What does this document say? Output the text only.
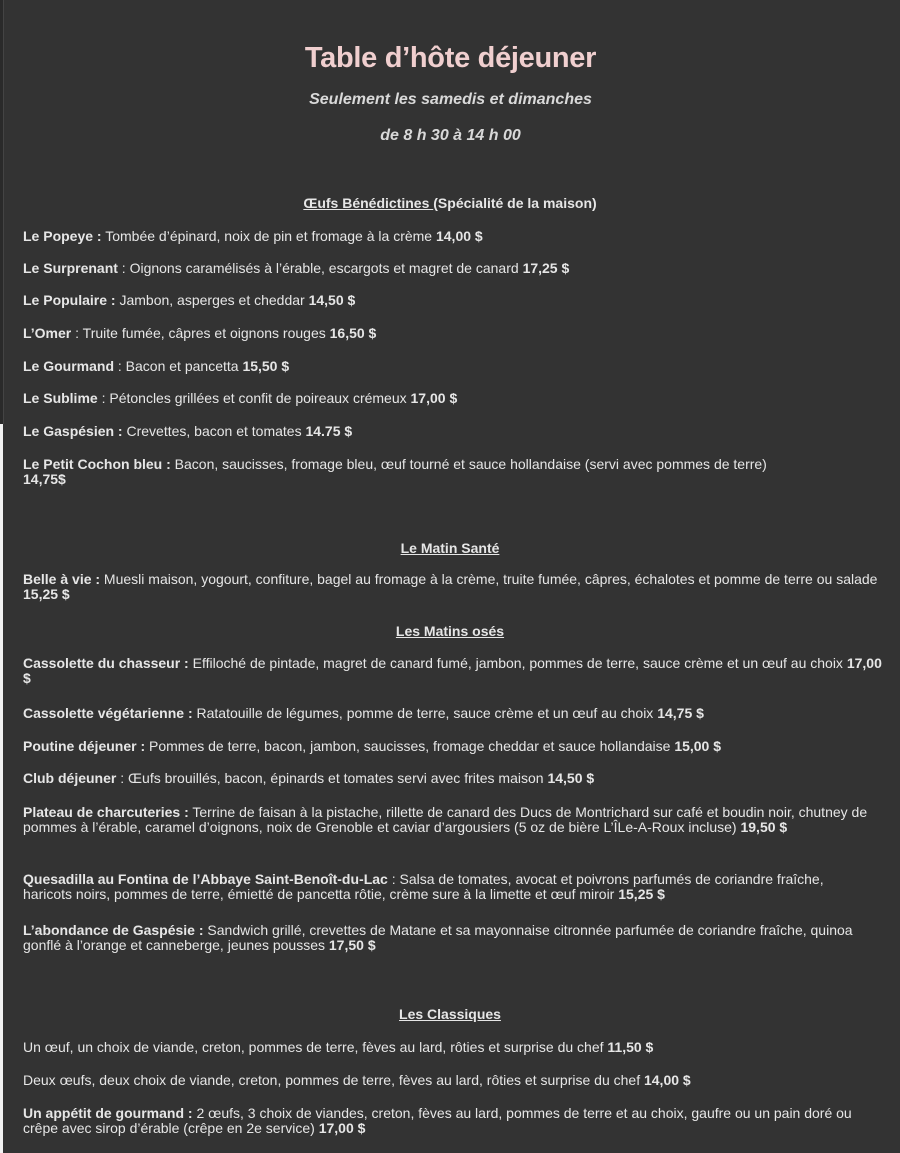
Table d’hôte déjeuner
Seulement les samedis et dimanches
de 8 h 30 à 14 h 00
Œufs Bénédictines (Spécialité de la maison)
Le Popeye : Tombée d’épinard, noix de pin et fromage à la crème 14,00 $
Le Surprenant : Oignons caramélisés à l’érable, escargots et magret de canard 17,25 $
Le Populaire : Jambon, asperges et cheddar 14,50 $
L’Omer : Truite fumée, câpres et oignons rouges 16,50 $
Le Gourmand : Bacon et pancetta 15,50 $
Le Sublime : Pétoncles grillées et confit de poireaux crémeux 17,00 $
Le Gaspésien : Crevettes, bacon et tomates 14.75 $
Le Petit Cochon bleu : Bacon, saucisses, fromage bleu, œuf tourné et sauce hollandaise (servi avec pommes de terre) 14,75$
Le Matin Santé
Belle à vie : Muesli maison, yogourt, confiture, bagel au fromage à la crème, truite fumée, câpres, échalotes et pomme de terre ou salade 15,25 $
Les Matins osés
Cassolette du chasseur : Effiloché de pintade, magret de canard fumé, jambon, pommes de terre, sauce crème et un œuf au choix 17,00 $
Cassolette végétarienne : Ratatouille de légumes, pomme de terre, sauce crème et un œuf au choix 14,75 $
Poutine déjeuner : Pommes de terre, bacon, jambon, saucisses, fromage cheddar et sauce hollandaise 15,00 $
Club déjeuner : Œufs brouillés, bacon, épinards et tomates servi avec frites maison 14,50 $
Plateau de charcuteries : Terrine de faisan à la pistache, rillette de canard des Ducs de Montrichard sur café et boudin noir, chutney de pommes à l’érable, caramel d’oignons, noix de Grenoble et caviar d’argousiers (5 oz de bière L’ÎLe-A-Roux incluse) 19,50 $
Quesadilla au Fontina de l’Abbaye Saint-Benoît-du-Lac : Salsa de tomates, avocat et poivrons parfumés de coriandre fraîche, haricots noirs, pommes de terre, émietté de pancetta rôtie, crème sure à la limette et œuf miroir 15,25 $
L’abondance de Gaspésie : Sandwich grillé, crevettes de Matane et sa mayonnaise citronnée parfumée de coriandre fraîche, quinoa gonflé à l’orange et canneberge, jeunes pousses 17,50 $
Les Classiques
Un œuf, un choix de viande, creton, pommes de terre, fèves au lard, rôties et surprise du chef 11,50 $
Deux œufs, deux choix de viande, creton, pommes de terre, fèves au lard, rôties et surprise du chef 14,00 $
Un appétit de gourmand : 2 œufs, 3 choix de viandes, creton, fèves au lard, pommes de terre et au choix, gaufre ou un pain doré ou crêpe avec sirop d’érable (crêpe en 2e service) 17,00 $
